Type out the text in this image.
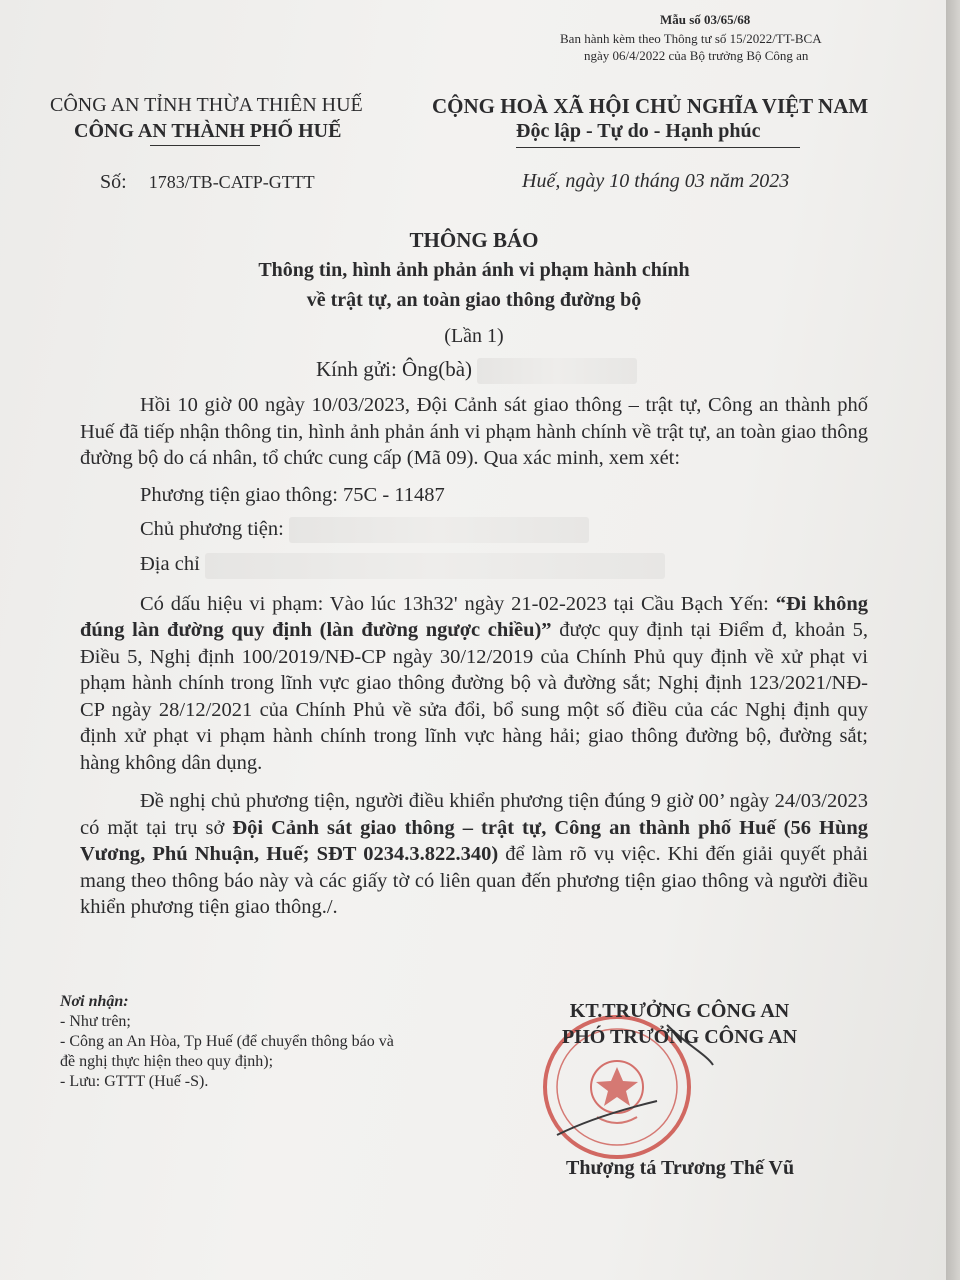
Mẫu số 03/65/68
Ban hành kèm theo Thông tư số 15/2022/TT-BCA
ngày 06/4/2022 của Bộ trưởng Bộ Công an
CÔNG AN TỈNH THỪA THIÊN HUẾ
CÔNG AN THÀNH PHỐ HUẾ
CỘNG HOÀ XÃ HỘI CHỦ NGHĨA VIỆT NAM
Độc lập - Tự do - Hạnh phúc
Số: 1783/TB-CATP-GTTT	Huế, ngày 10 tháng 03 năm 2023
THÔNG BÁO
Thông tin, hình ảnh phản ánh vi phạm hành chính
về trật tự, an toàn giao thông đường bộ
(Lần 1)
Kính gửi: Ông(bà)

Hồi 10 giờ 00 ngày 10/03/2023, Đội Cảnh sát giao thông – trật tự, Công an thành phố Huế đã tiếp nhận thông tin, hình ảnh phản ánh vi phạm hành chính về trật tự, an toàn giao thông đường bộ do cá nhân, tổ chức cung cấp (Mã 09). Qua xác minh, xem xét:

Phương tiện giao thông: 75C - 11487

Chủ phương tiện:

Địa chỉ

Có dấu hiệu vi phạm: Vào lúc 13h32' ngày 21-02-2023 tại Cầu Bạch Yến: “Đi không đúng làn đường quy định (làn đường ngược chiều)” được quy định tại Điểm đ, khoản 5, Điều 5, Nghị định 100/2019/NĐ-CP ngày 30/12/2019 của Chính Phủ quy định về xử phạt vi phạm hành chính trong lĩnh vực giao thông đường bộ và đường sắt; Nghị định 123/2021/NĐ-CP ngày 28/12/2021 của Chính Phủ về sửa đổi, bổ sung một số điều của các Nghị định quy định xử phạt vi phạm hành chính trong lĩnh vực hàng hải; giao thông đường bộ, đường sắt; hàng không dân dụng.

Đề nghị chủ phương tiện, người điều khiển phương tiện đúng 9 giờ 00’ ngày 24/03/2023 có mặt tại trụ sở Đội Cảnh sát giao thông – trật tự, Công an thành phố Huế (56 Hùng Vương, Phú Nhuận, Huế; SĐT 0234.3.822.340) để làm rõ vụ việc. Khi đến giải quyết phải mang theo thông báo này và các giấy tờ có liên quan đến phương tiện giao thông và người điều khiển phương tiện giao thông./.

Nơi nhận:
- Như trên;
- Công an An Hòa, Tp Huế (để chuyển thông báo và
đề nghị thực hiện theo quy định);
- Lưu: GTTT (Huế -S).
KT.TRƯỞNG CÔNG AN
PHÓ TRƯỞNG CÔNG AN
Thượng tá Trương Thế Vũ
